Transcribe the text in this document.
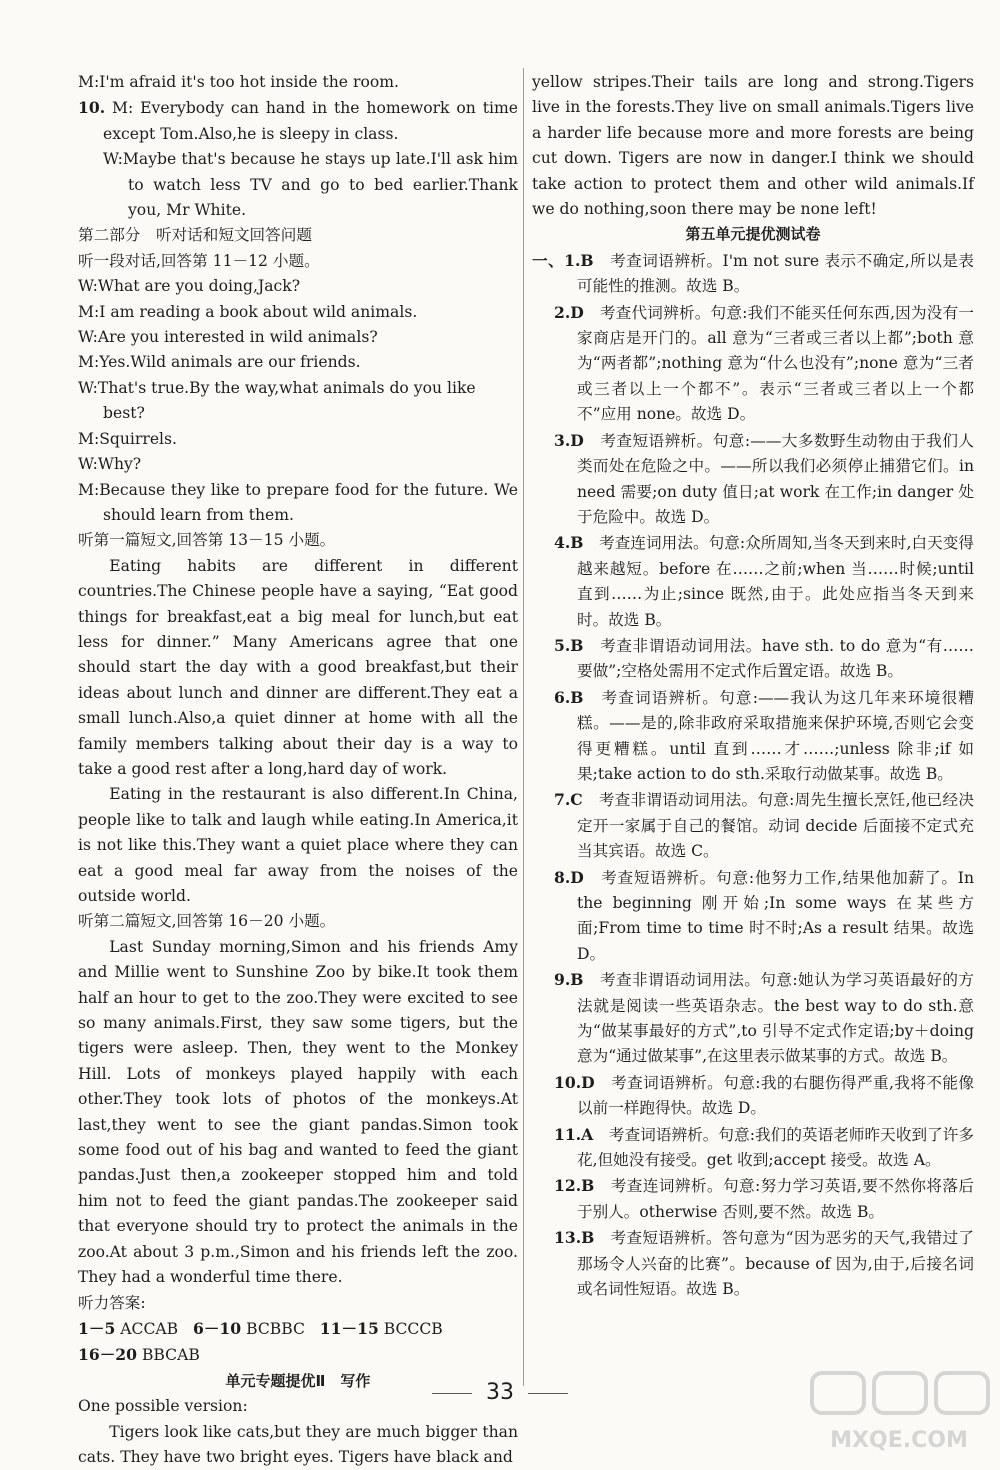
M:I'm afraid it's too hot inside the room.

10. M: Everybody can hand in the homework on time except Tom.Also,he is sleepy in class.

W:Maybe that's because he stays up late.I'll ask him to watch less TV and go to bed earlier.Thank you, Mr White.

第二部分　听对话和短文回答问题

听一段对话,回答第 11－12 小题。

W:What are you doing,Jack?

M:I am reading a book about wild animals.

W:Are you interested in wild animals?

M:Yes.Wild animals are our friends.

W:That's true.By the way,what animals do you like best?

M:Squirrels.

W:Why?

M:Because they like to prepare food for the future. We should learn from them.

听第一篇短文,回答第 13－15 小题。

Eating habits are different in different countries.The Chinese people have a saying, “Eat good things for breakfast,eat a big meal for lunch,but eat less for dinner.” Many Americans agree that one should start the day with a good breakfast,but their ideas about lunch and dinner are different.They eat a small lunch.Also,a quiet dinner at home with all the family members talking about their day is a way to take a good rest after a long,hard day of work.

Eating in the restaurant is also different.In China, people like to talk and laugh while eating.In America,it is not like this.They want a quiet place where they can eat a good meal far away from the noises of the outside world.

听第二篇短文,回答第 16－20 小题。

Last Sunday morning,Simon and his friends Amy and Millie went to Sunshine Zoo by bike.It took them half an hour to get to the zoo.They were excited to see so many animals.First, they saw some tigers, but the tigers were asleep. Then, they went to the Monkey Hill. Lots of monkeys played happily with each other.They took lots of photos of the monkeys.At last,they went to see the giant pandas.Simon took some food out of his bag and wanted to feed the giant pandas.Just then,a zookeeper stopped him and told him not to feed the giant pandas.The zookeeper said that everyone should try to protect the animals in the zoo.At about 3 p.m.,Simon and his friends left the zoo. They had a wonderful time there.

听力答案:

1－5 ACCAB 6－10 BCBBC 11－15 BCCCB

16－20 BBCAB

单元专题提优Ⅱ　写作

One possible version:

Tigers look like cats,but they are much bigger than cats. They have two bright eyes. Tigers have black and

yellow stripes.Their tails are long and strong.Tigers live in the forests.They live on small animals.Tigers live a harder life because more and more forests are being cut down. Tigers are now in danger.I think we should take action to protect them and other wild animals.If we do nothing,soon there may be none left!

第五单元提优测试卷

一、1.B　考查词语辨析。I'm not sure 表示不确定,所以是表可能性的推测。故选 B。

2.D　考查代词辨析。句意:我们不能买任何东西,因为没有一家商店是开门的。all 意为“三者或三者以上都”;both 意为“两者都”;nothing 意为“什么也没有”;none 意为“三者或三者以上一个都不”。表示“三者或三者以上一个都不”应用 none。故选 D。

3.D　考查短语辨析。句意:——大多数野生动物由于我们人类而处在危险之中。——所以我们必须停止捕猎它们。in need 需要;on duty 值日;at work 在工作;in danger 处于危险中。故选 D。

4.B　考查连词用法。句意:众所周知,当冬天到来时,白天变得越来越短。before 在……之前;when 当……时候;until 直到……为止;since 既然,由于。此处应指当冬天到来时。故选 B。

5.B　考查非谓语动词用法。have sth. to do 意为“有……要做”;空格处需用不定式作后置定语。故选 B。

6.B　考查词语辨析。句意:——我认为这几年来环境很糟糕。——是的,除非政府采取措施来保护环境,否则它会变得更糟糕。until 直到……才……;unless 除非;if 如果;take action to do sth.采取行动做某事。故选 B。

7.C　考查非谓语动词用法。句意:周先生擅长烹饪,他已经决定开一家属于自己的餐馆。动词 decide 后面接不定式充当其宾语。故选 C。

8.D　考查短语辨析。句意:他努力工作,结果他加薪了。In the beginning 刚开始;In some ways 在某些方面;From time to time 时不时;As a result 结果。故选 D。

9.B　考查非谓语动词用法。句意:她认为学习英语最好的方法就是阅读一些英语杂志。the best way to do sth.意为“做某事最好的方式”,to 引导不定式作定语;by＋doing 意为“通过做某事”,在这里表示做某事的方式。故选 B。

10.D　考查词语辨析。句意:我的右腿伤得严重,我将不能像以前一样跑得快。故选 D。

11.A　考查词语辨析。句意:我们的英语老师昨天收到了许多花,但她没有接受。get 收到;accept 接受。故选 A。

12.B　考查连词辨析。句意:努力学习英语,要不然你将落后于别人。otherwise 否则,要不然。故选 B。

13.B　考查短语辨析。答句意为“因为恶劣的天气,我错过了那场令人兴奋的比赛”。because of 因为,由于,后接名词或名词性短语。故选 B。

33
MXQE.COM
